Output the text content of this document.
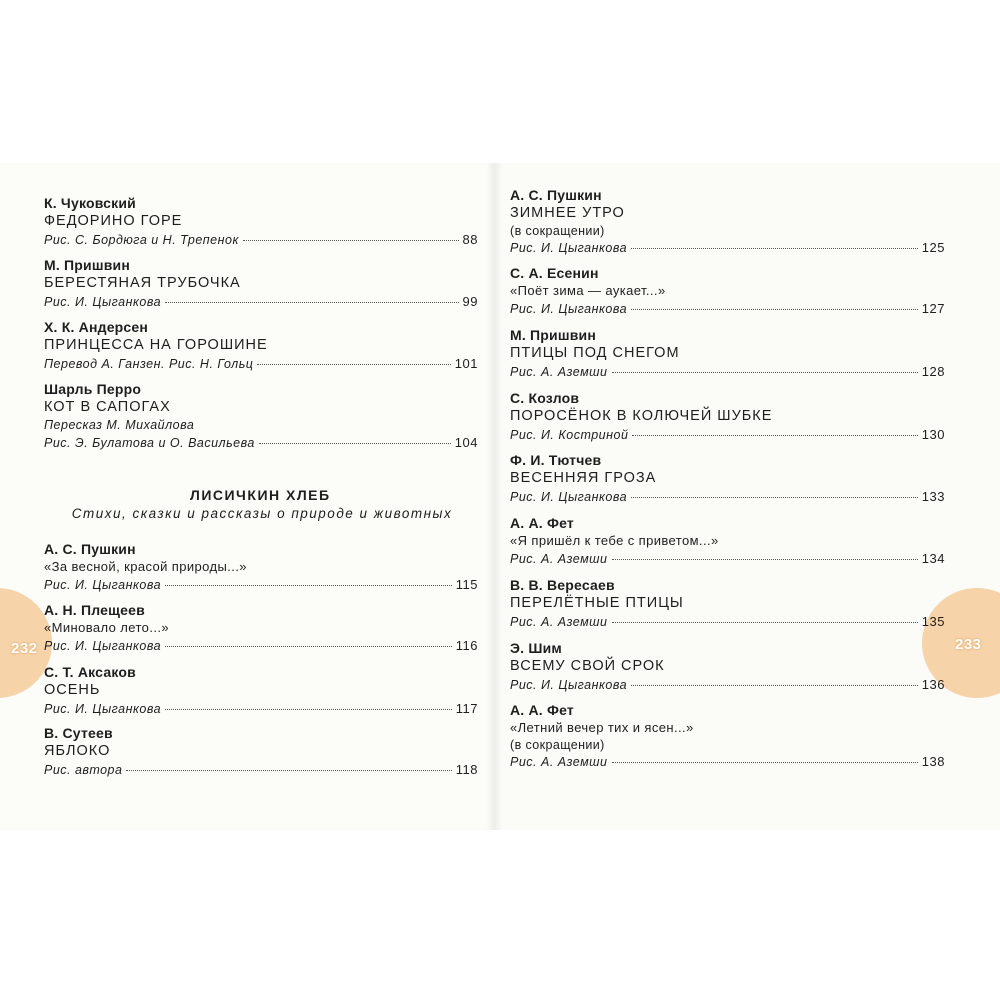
232	233
К. Чуковский
ФЕДОРИНО ГОРЕ
Рис. С. Бордюга и Н. Трепенок	88
М. Пришвин
БЕРЕСТЯНАЯ ТРУБОЧКА
Рис. И. Цыганкова	99
Х. К. Андерсен
ПРИНЦЕССА НА ГОРОШИНЕ
Перевод А. Ганзен. Рис. Н. Гольц	101
Шарль Перро
КОТ В САПОГАХ
Пересказ М. Михайлова
Рис. Э. Булатова и О. Васильева	104
ЛИСИЧКИН ХЛЕБ
Стихи, сказки и рассказы о природе и животных
А. С. Пушкин
«За весной, красой природы...»
Рис. И. Цыганкова	115
А. Н. Плещеев
«Миновало лето...»
Рис. И. Цыганкова	116
С. Т. Аксаков
ОСЕНЬ
Рис. И. Цыганкова	117
В. Сутеев
ЯБЛОКО
Рис. автора	118
А. С. Пушкин
ЗИМНЕЕ УТРО
(в сокращении)
Рис. И. Цыганкова	125
С. А. Есенин
«Поёт зима — аукает...»
Рис. И. Цыганкова	127
М. Пришвин
ПТИЦЫ ПОД СНЕГОМ
Рис. А. Аземши	128
С. Козлов
ПОРОСЁНОК В КОЛЮЧЕЙ ШУБКЕ
Рис. И. Костриной	130
Ф. И. Тютчев
ВЕСЕННЯЯ ГРОЗА
Рис. И. Цыганкова	133
А. А. Фет
«Я пришёл к тебе с приветом...»
Рис. А. Аземши	134
В. В. Вересаев
ПЕРЕЛЁТНЫЕ ПТИЦЫ
Рис. А. Аземши	135
Э. Шим
ВСЕМУ СВОЙ СРОК
Рис. И. Цыганкова	136
А. А. Фет
«Летний вечер тих и ясен...»
(в сокращении)
Рис. А. Аземши	138
